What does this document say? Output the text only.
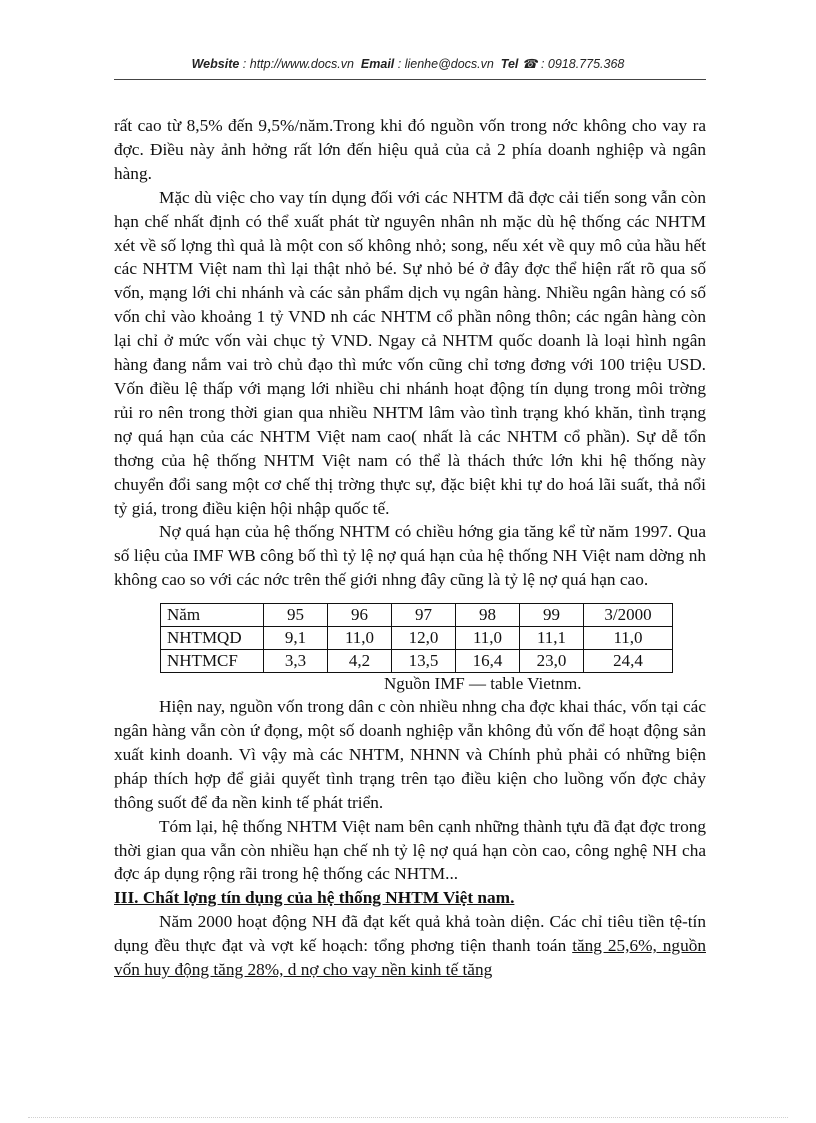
Website : http://www.docs.vn Email : lienhe@docs.vn Tel ☎ : 0918.775.368

rất cao từ 8,5% đến 9,5%/năm.Trong khi đó nguồn vốn trong nớc không cho vay ra đợc. Điều này ảnh hởng rất lớn đến hiệu quả của cả 2 phía doanh nghiệp và ngân hàng.

Mặc dù việc cho vay tín dụng đối với các NHTM đã đợc cải tiến song vẫn còn hạn chế nhất định có thể xuất phát từ nguyên nhân nh mặc dù hệ thống các NHTM xét về số lợng thì quả là một con số không nhỏ; song, nếu xét về quy mô của hầu hết các NHTM Việt nam thì lại thật nhỏ bé. Sự nhỏ bé ở đây đợc thể hiện rất rõ qua số vốn, mạng lới chi nhánh và các sản phẩm dịch vụ ngân hàng. Nhiều ngân hàng có số vốn chỉ vào khoảng 1 tỷ VND nh các NHTM cổ phần nông thôn; các ngân hàng còn lại chỉ ở mức vốn vài chục tỷ VND. Ngay cả NHTM quốc doanh là loại hình ngân hàng đang nắm vai trò chủ đạo thì mức vốn cũng chỉ tơng đơng với 100 triệu USD. Vốn điều lệ thấp với mạng lới nhiều chi nhánh hoạt động tín dụng trong môi trờng rủi ro nên trong thời gian qua nhiều NHTM lâm vào tình trạng khó khăn, tình trạng nợ quá hạn của các NHTM Việt nam cao( nhất là các NHTM cổ phần). Sự dễ tổn thơng của hệ thống NHTM Việt nam có thể là thách thức lớn khi hệ thống này chuyển đổi sang một cơ chế thị trờng thực sự, đặc biệt khi tự do hoá lãi suất, thả nổi tỷ giá, trong điều kiện hội nhập quốc tế.

Nợ quá hạn của hệ thống NHTM có chiều hớng gia tăng kể từ năm 1997. Qua số liệu của IMF WB công bố thì tỷ lệ nợ quá hạn của hệ thống NH Việt nam dờng nh không cao so với các nớc trên thế giới nhng đây cũng là tỷ lệ nợ quá hạn cao.

Năm	95	96	97	98	99	3/2000
NHTMQD	9,1	11,0	12,0	11,0	11,1	11,0
NHTMCF	3,3	4,2	13,5	16,4	23,0	24,4
Nguồn IMF — table Vietnm.

Hiện nay, nguồn vốn trong dân c còn nhiều nhng cha đợc khai thác, vốn tại các ngân hàng vẫn còn ứ đọng, một số doanh nghiệp vẫn không đủ vốn để hoạt động sản xuất kinh doanh. Vì vậy mà các NHTM, NHNN và Chính phủ phải có những biện pháp thích hợp để giải quyết tình trạng trên tạo điều kiện cho luồng vốn đợc chảy thông suốt để đa nền kinh tế phát triển.

Tóm lại, hệ thống NHTM Việt nam bên cạnh những thành tựu đã đạt đợc trong thời gian qua vẫn còn nhiều hạn chế nh tỷ lệ nợ quá hạn còn cao, công nghệ NH cha đợc áp dụng rộng rãi trong hệ thống các NHTM...

III. Chất lợng tín dụng của hệ thống NHTM Việt nam.

Năm 2000 hoạt động NH đã đạt kết quả khả toàn diện. Các chỉ tiêu tiền tệ-tín dụng đều thực đạt và vợt kế hoạch: tổng phơng tiện thanh toán tăng 25,6%, nguồn vốn huy động tăng 28%, d nợ cho vay nền kinh tế tăng
